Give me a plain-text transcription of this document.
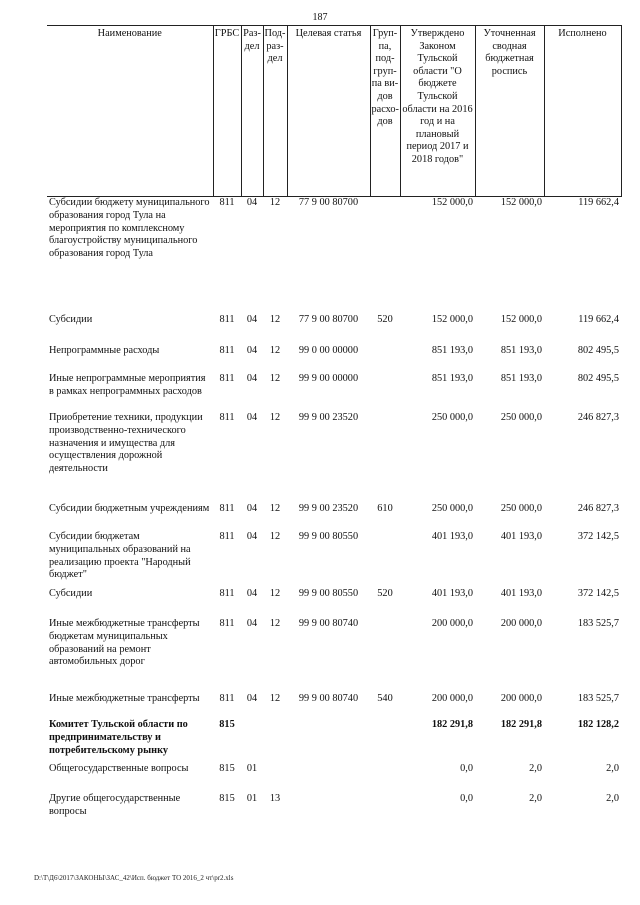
187
Наименование	ГРБС	Раз- дел	Под- раз- дел	Целевая статья	Груп- па, под- груп- па ви- дов расхо- дов	Утверждено Законом Тульской области "О бюджете Тульской области на 2016 год и на плановый период 2017 и 2018 годов"	Уточненная сводная бюджетная роспись	Исполнено
Субсидии бюджету муниципального образования город Тула на мероприятия по комплексному благоустройству муниципального образования город Тула	811	04	12	77 9 00 80700		152 000,0	152 000,0	119 662,4
Субсидии	811	04	12	77 9 00 80700	520	152 000,0	152 000,0	119 662,4
Непрограммные расходы	811	04	12	99 0 00 00000		851 193,0	851 193,0	802 495,5
Иные непрограммные мероприятия в рамках непрограммных расходов	811	04	12	99 9 00 00000		851 193,0	851 193,0	802 495,5
Приобретение техники, продукции производственно-технического назначения и имущества для осуществления дорожной деятельности	811	04	12	99 9 00 23520		250 000,0	250 000,0	246 827,3
Субсидии бюджетным учреждениям	811	04	12	99 9 00 23520	610	250 000,0	250 000,0	246 827,3
Субсидии бюджетам муниципальных образований на реализацию проекта "Народный бюджет"	811	04	12	99 9 00 80550		401 193,0	401 193,0	372 142,5
Субсидии	811	04	12	99 9 00 80550	520	401 193,0	401 193,0	372 142,5
Иные межбюджетные трансферты бюджетам муниципальных образований на ремонт автомобильных дорог	811	04	12	99 9 00 80740		200 000,0	200 000,0	183 525,7
Иные межбюджетные трансферты	811	04	12	99 9 00 80740	540	200 000,0	200 000,0	183 525,7
Комитет Тульской области по предпринимательству и потребительскому рынку	815					182 291,8	182 291,8	182 128,2
Общегосударственные вопросы	815	01				0,0	2,0	2,0
Другие общегосударственные вопросы	815	01	13			0,0	2,0	2,0
D:\Т\Д6\2017\ЗАКОНЫ\ЗАС_42\Исп. бюджет ТО 2016_2 чт\pr2.xls
